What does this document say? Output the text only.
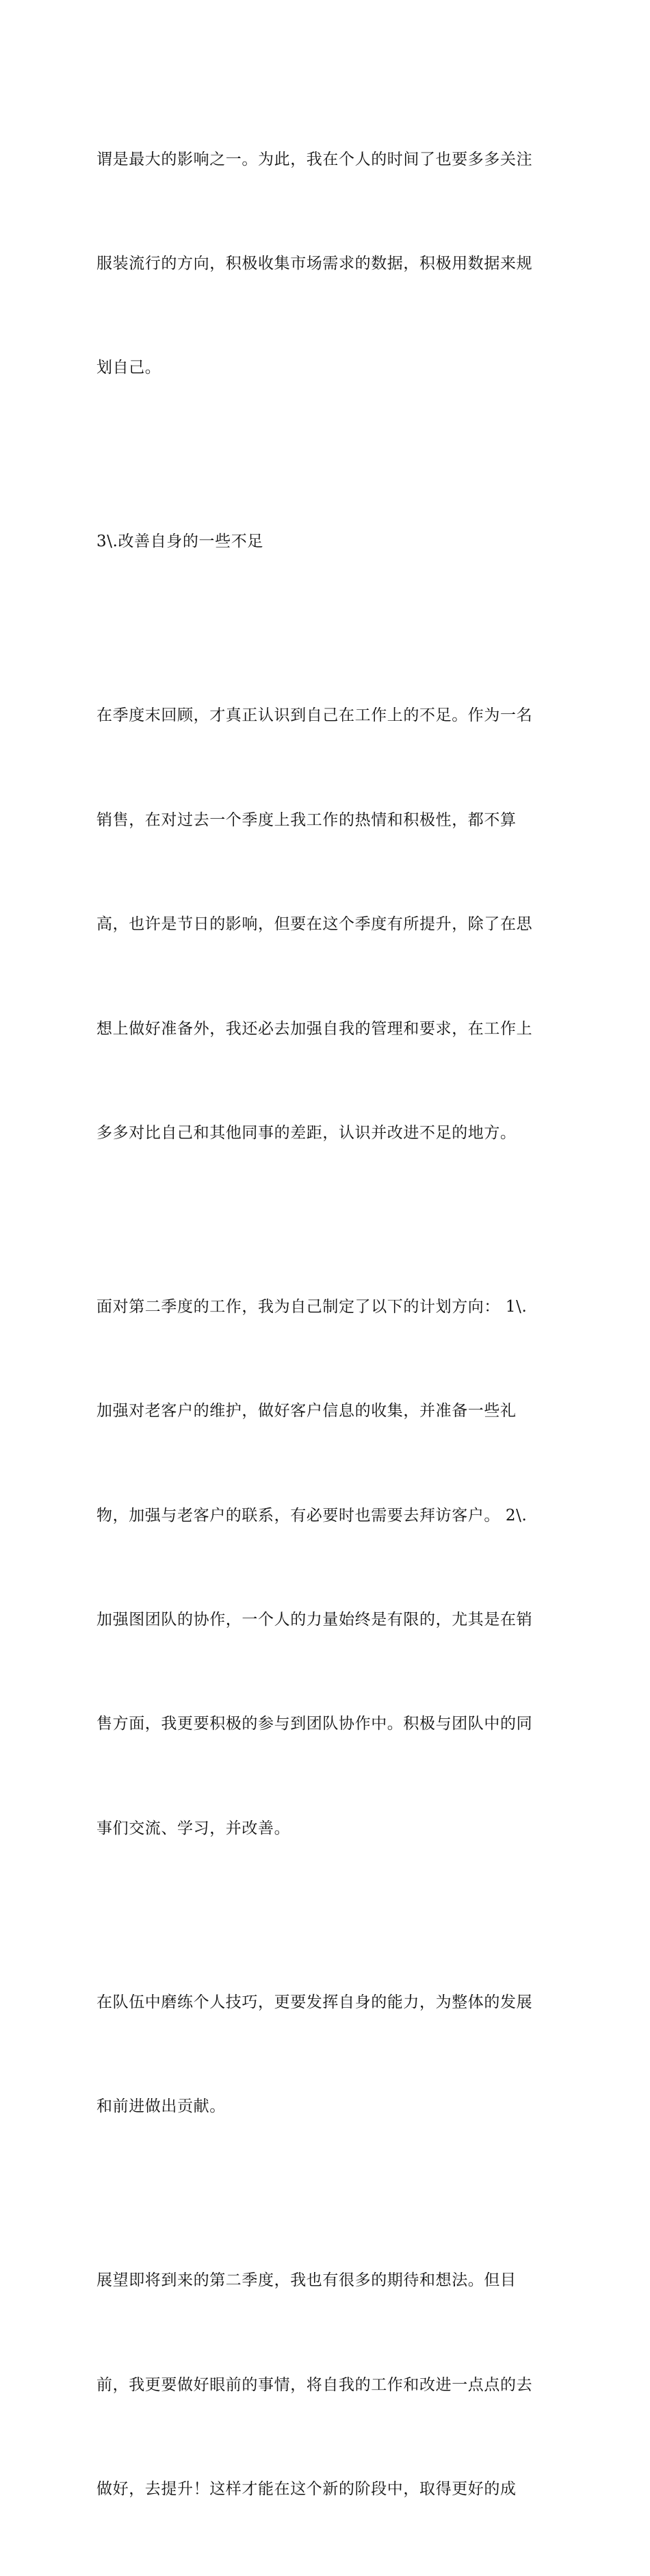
谓是最大的影响之一。为此，我在个人的时间了也要多多关注

服装流行的方向，积极收集市场需求的数据，积极用数据来规

划自己。

3\.改善自身的一些不足

在季度末回顾，才真正认识到自己在工作上的不足。作为一名

销售，在对过去一个季度上我工作的热情和积极性，都不算

高，也许是节日的影响，但要在这个季度有所提升，除了在思

想上做好准备外，我还必去加强自我的管理和要求，在工作上

多多对比自己和其他同事的差距，认识并改进不足的地方。

面对第二季度的工作，我为自己制定了以下的计划方向： 1\.

加强对老客户的维护，做好客户信息的收集，并准备一些礼

物，加强与老客户的联系，有必要时也需要去拜访客户。 2\.

加强图团队的协作，一个人的力量始终是有限的，尤其是在销

售方面，我更要积极的参与到团队协作中。积极与团队中的同

事们交流、学习，并改善。

在队伍中磨练个人技巧，更要发挥自身的能力，为整体的发展

和前进做出贡献。

展望即将到来的第二季度，我也有很多的期待和想法。但目

前，我更要做好眼前的事情，将自我的工作和改进一点点的去

做好，去提升！这样才能在这个新的阶段中，取得更好的成
